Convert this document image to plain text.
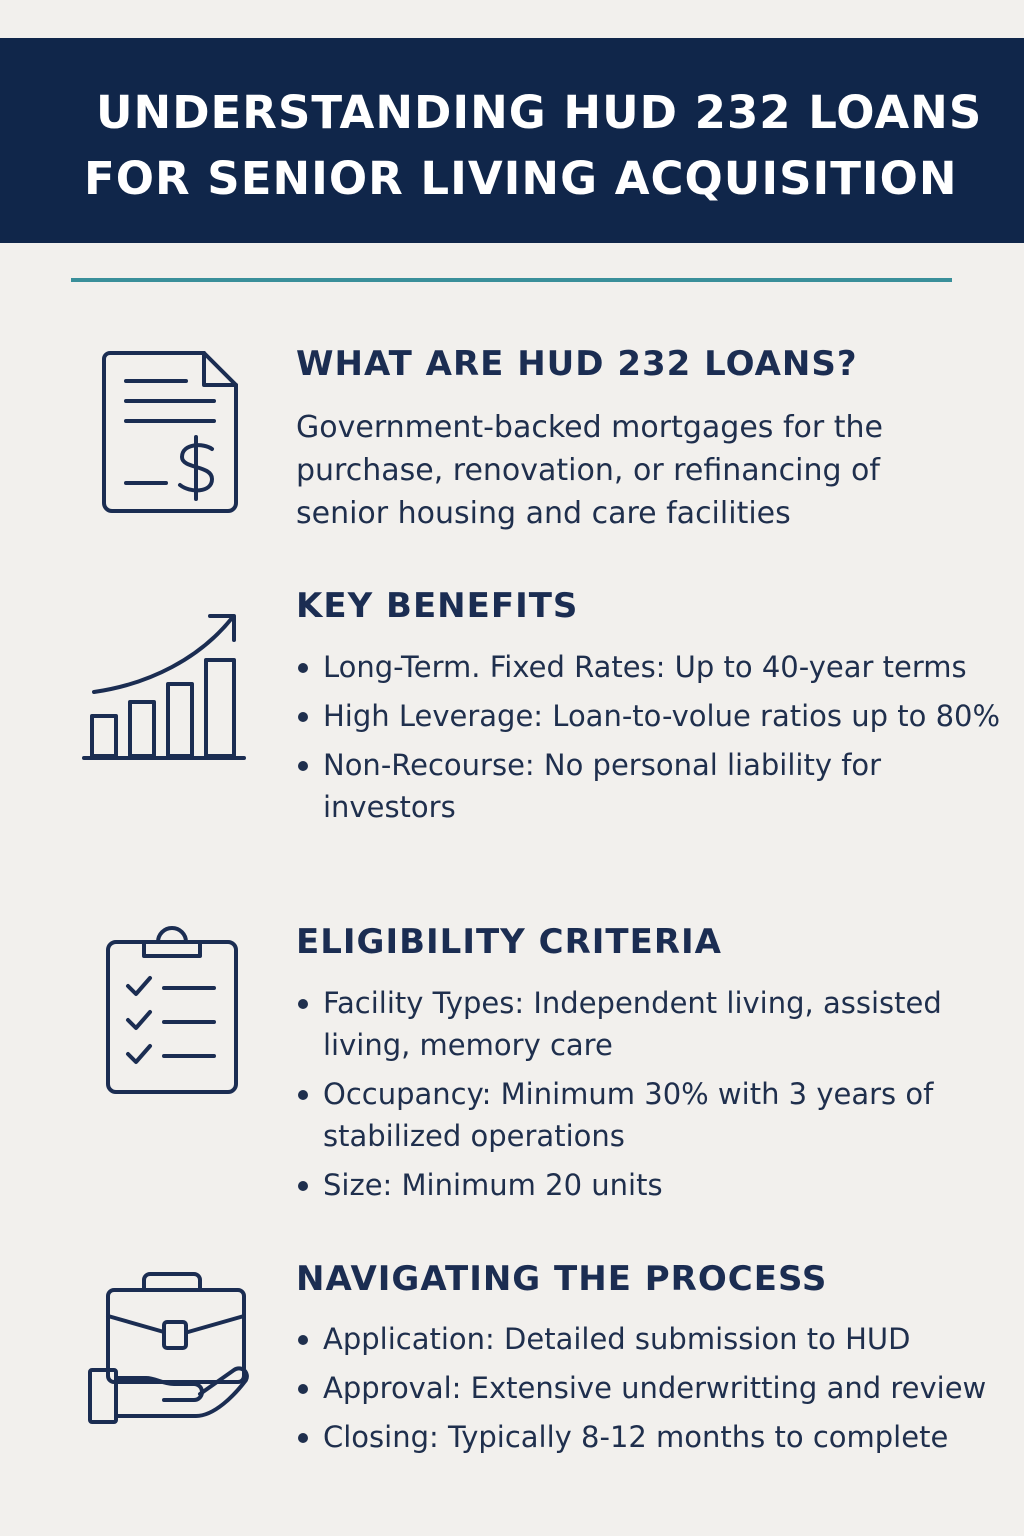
UNDERSTANDING HUD 232 LOANS
FOR SENIOR LIVING ACQUISITION
WHAT ARE HUD 232 LOANS?

Government-backed mortgages for the purchase, renovation, or refinancing of senior housing and care facilities

KEY BENEFITS
Long-Term. Fixed Rates: Up to 40-year terms
High Leverage: Loan-to-volue ratios up to 80%
Non-Recourse: No personal liability for investors
ELIGIBILITY CRITERIA
Facility Types: Independent living, assisted living, memory care
Occupancy: Minimum 30% with 3 years of stabilized operations
Size: Minimum 20 units
NAVIGATING THE PROCESS
Application: Detailed submission to HUD
Approval: Extensive underwritting and review
Closing: Typically 8-12 months to complete
